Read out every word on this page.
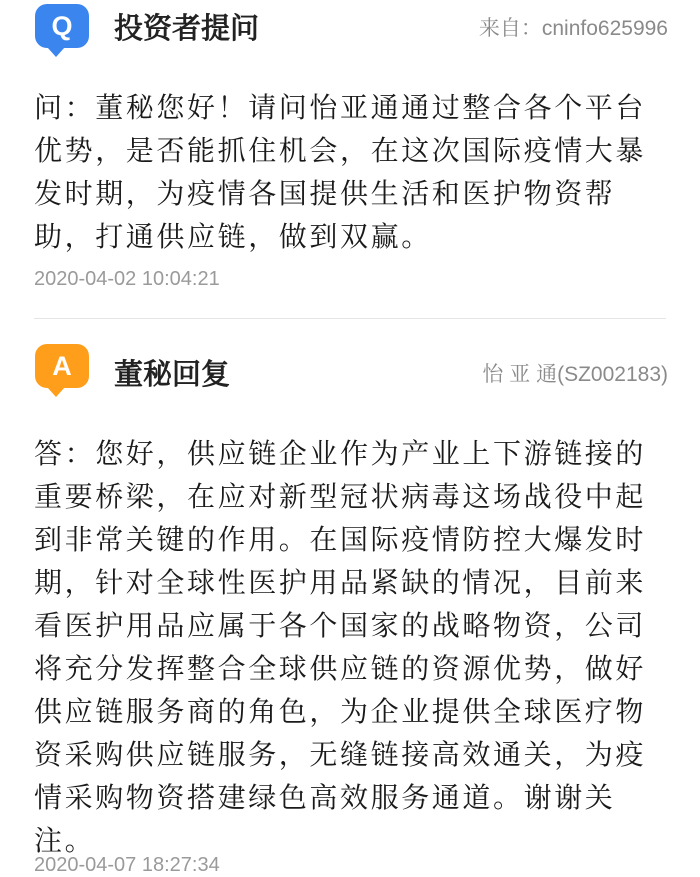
Q 投资者提问	来自：cninfo625996
问：董秘您好！请问怡亚通通过整合各个平台优势，是否能抓住机会，在这次国际疫情大暴发时期，为疫情各国提供生活和医护物资帮助，打通供应链，做到双赢。
2020-04-02 10:04:21
A 董秘回复	怡 亚 通(SZ002183)
答：您好，供应链企业作为产业上下游链接的重要桥梁，在应对新型冠状病毒这场战役中起到非常关键的作用。在国际疫情防控大爆发时期，针对全球性医护用品紧缺的情况，目前来看医护用品应属于各个国家的战略物资，公司将充分发挥整合全球供应链的资源优势，做好供应链服务商的角色，为企业提供全球医疗物资采购供应链服务，无缝链接高效通关，为疫情采购物资搭建绿色高效服务通道。谢谢关注。
2020-04-07 18:27:34
